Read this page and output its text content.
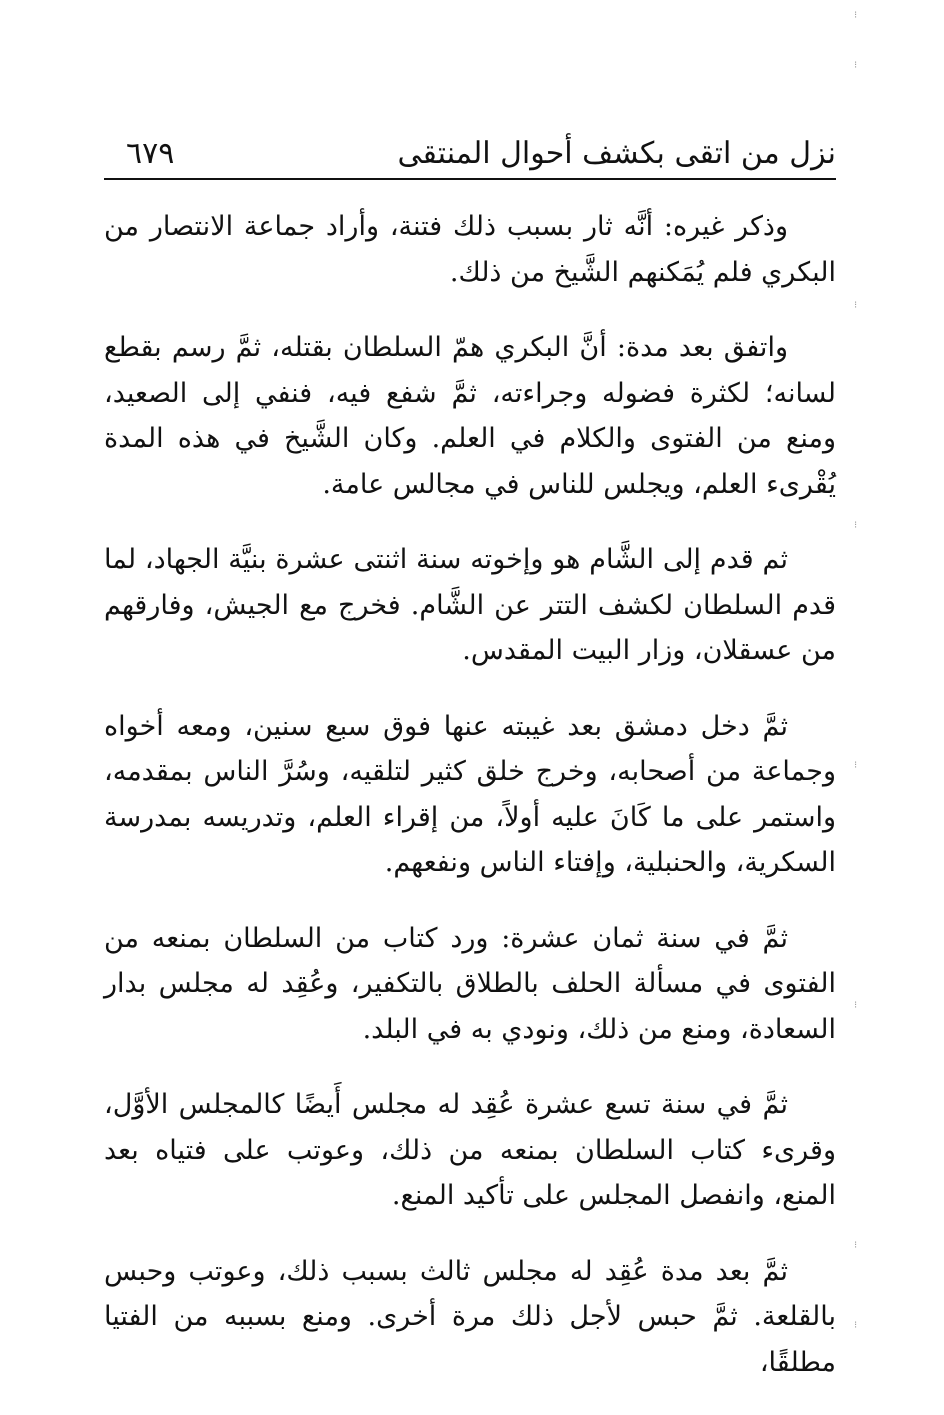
نزل من اتقى بكشف أحوال المنتقى
٦٧٩

وذكر غيره: أنَّه ثار بسبب ذلك فتنة، وأراد جماعة الانتصار من البكري فلم يُمَكنهم الشَّيخ من ذلك.

واتفق بعد مدة: أنَّ البكري همّ السلطان بقتله، ثمَّ رسم بقطع لسانه؛ لكثرة فضوله وجراءته، ثمَّ شفع فيه، فنفي إلى الصعيد، ومنع من الفتوى والكلام في العلم. وكان الشَّيخ في هذه المدة يُقْرىء العلم، ويجلس للناس في مجالس عامة.

ثم قدم إلى الشَّام هو وإخوته سنة اثنتى عشرة بنيَّة الجهاد، لما قدم السلطان لكشف التتر عن الشَّام. فخرج مع الجيش، وفارقهم من عسقلان، وزار البيت المقدس.

ثمَّ دخل دمشق بعد غيبته عنها فوق سبع سنين، ومعه أخواه وجماعة من أصحابه، وخرج خلق كثير لتلقيه، وسُرَّ الناس بمقدمه، واستمر على ما كَانَ عليه أولاً، من إقراء العلم، وتدريسه بمدرسة السكرية، والحنبلية، وإفتاء الناس ونفعهم.

ثمَّ في سنة ثمان عشرة: ورد كتاب من السلطان بمنعه من الفتوى في مسألة الحلف بالطلاق بالتكفير، وعُقِد له مجلس بدار السعادة، ومنع من ذلك، ونودي به في البلد.

ثمَّ في سنة تسع عشرة عُقِد له مجلس أَيضًا كالمجلس الأوَّل، وقرىء كتاب السلطان بمنعه من ذلك، وعوتب على فتياه بعد المنع، وانفصل المجلس على تأكيد المنع.

ثمَّ بعد مدة عُقِد له مجلس ثالث بسبب ذلك، وعوتب وحبس بالقلعة. ثمَّ حبس لأجل ذلك مرة أخرى. ومنع بسببه من الفتيا مطلقًا،

⁝
⁝
⁝
⁝
⁝
⁝
⁝
⁝
